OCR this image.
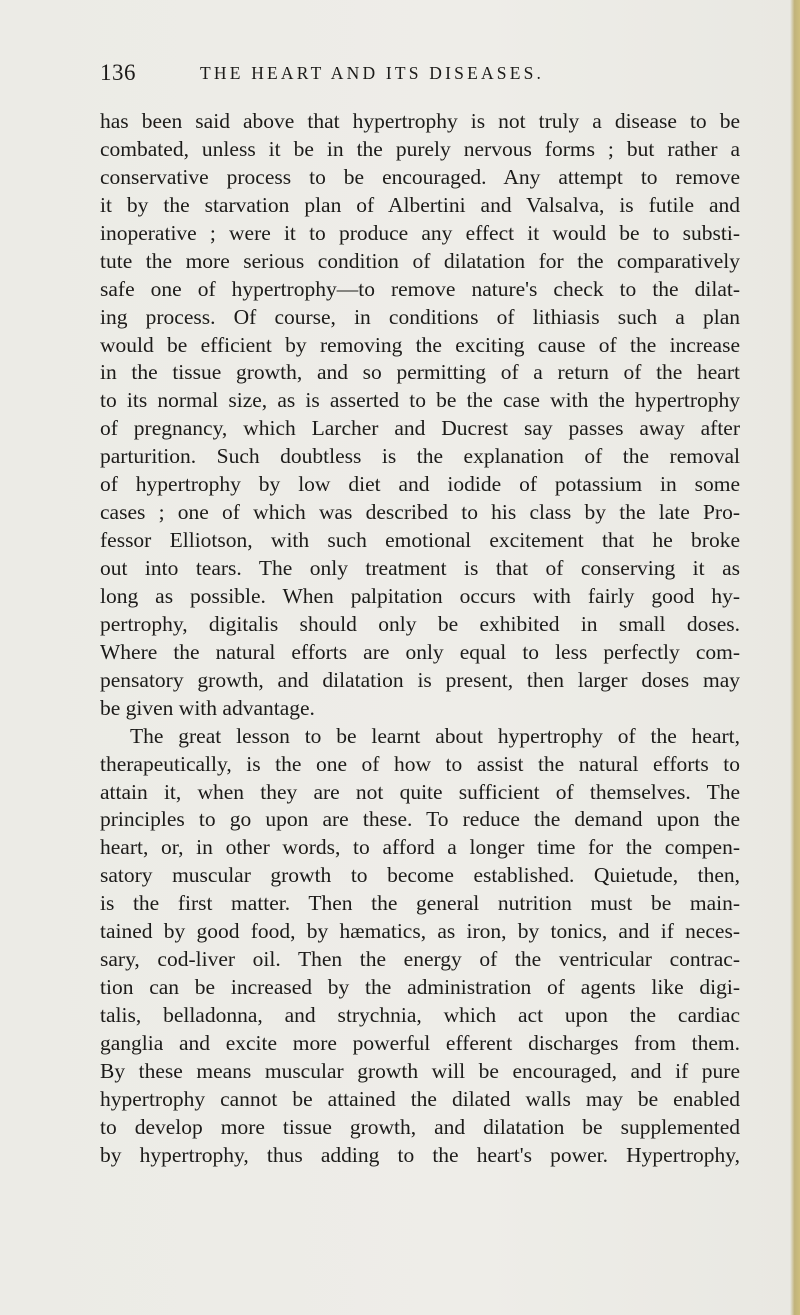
136	THE HEART AND ITS DISEASES.
has been said above that hypertrophy is not truly a disease to be
combated, unless it be in the purely nervous forms ; but rather a
conservative process to be encouraged. Any attempt to remove
it by the starvation plan of Albertini and Valsalva, is futile and
inoperative ; were it to produce any effect it would be to substi-
tute the more serious condition of dilatation for the comparatively
safe one of hypertrophy—to remove nature's check to the dilat-
ing process. Of course, in conditions of lithiasis such a plan
would be efficient by removing the exciting cause of the increase
in the tissue growth, and so permitting of a return of the heart
to its normal size, as is asserted to be the case with the hypertrophy
of pregnancy, which Larcher and Ducrest say passes away after
parturition. Such doubtless is the explanation of the removal
of hypertrophy by low diet and iodide of potassium in some
cases ; one of which was described to his class by the late Pro-
fessor Elliotson, with such emotional excitement that he broke
out into tears. The only treatment is that of conserving it as
long as possible. When palpitation occurs with fairly good hy-
pertrophy, digitalis should only be exhibited in small doses.
Where the natural efforts are only equal to less perfectly com-
pensatory growth, and dilatation is present, then larger doses may
be given with advantage.
The great lesson to be learnt about hypertrophy of the heart,
therapeutically, is the one of how to assist the natural efforts to
attain it, when they are not quite sufficient of themselves. The
principles to go upon are these. To reduce the demand upon the
heart, or, in other words, to afford a longer time for the compen-
satory muscular growth to become established. Quietude, then,
is the first matter. Then the general nutrition must be main-
tained by good food, by hæmatics, as iron, by tonics, and if neces-
sary, cod-liver oil. Then the energy of the ventricular contrac-
tion can be increased by the administration of agents like digi-
talis, belladonna, and strychnia, which act upon the cardiac
ganglia and excite more powerful efferent discharges from them.
By these means muscular growth will be encouraged, and if pure
hypertrophy cannot be attained the dilated walls may be enabled
to develop more tissue growth, and dilatation be supplemented
by hypertrophy, thus adding to the heart's power. Hypertrophy,
